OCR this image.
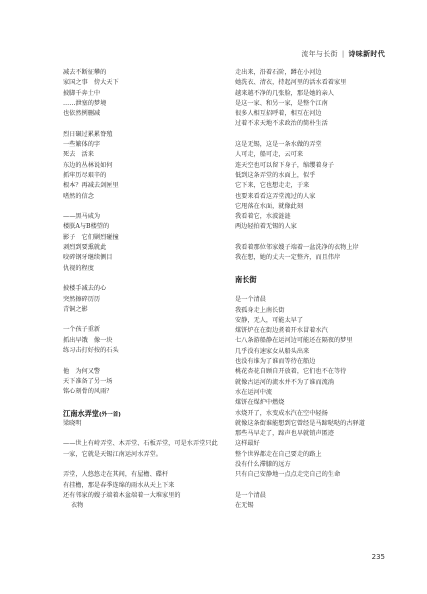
流年与长街 | 诗味新时代
减去不断征攀的
家国之事　傍大天下
披脚千奔土中
……泄塞的梦境
也依然例删减
烈日碾过累累脊殖
一些繁体的字
死去　活来
东边的丛林说如何
抓牢历尽艰辛的
根本？再减去剑匣里
嗜然的信念
——黑马咸为
楼朕A与B楼望的
影子　它们剿烈碰撞
剥烈到要熏就此
咬碎钢牙继续侧目
仇视的程度
披楼手减去的心
突然擦碎历历
青铜之影
一个孩子重新
抓出早饿　像一块
练习击打好按的石头
他　为何又警
天下准备了另一场
铭心刻骨的风雨？
江南水弄堂(外一首)
梁晓明
——世上有峙弄堂、木弄堂、石板弄堂，可是水弄堂只此一家，它就是天锡江南运河水弄堂。
弄堂，人悠悠走在其间，有屋檐、碟杆
有挂檐，那是春季连绵的雨水从天上下来
还有邻家的嫂子端着木盆端着一大堆家里的
衣物
走出来，沿着石阶，蹲在小河边
她洗衣、清衣，持起河里的活水看着家里
越来越不净的几张脸，那是她的亲人
是这一家、和另一家，是整个江南
很多人相互招呼着，相互在河边
过着不求天地不求政治的简朴生活
这是无锡，这是一条水做的弄堂
人可走，船可走，云可来
连天空也可以留下身子，缩缨着身子
低到这条弄堂的水面上，似乎
它下来，它也想走走，于来
也要来看看这弄堂流过的人家
它甩落在水面，就像此刻
我看着它，水波涟涟
两边轻拍着无锡的人家
我看着那位邻家嫂子端着一盆洗净的衣物上岸
我在想，她的丈夫一定整齐，而且伟岸
南长街
是一个清晨
我孤身走上南长街
安静，无人，可能太早了
煤饼炉在在街边煮着开水冒着水汽
七八条游船静在运河边可能还在隔夜的梦里
几乎没有速家女从船头出来
也没有谁为了谁而等待在船边
桃花杏花自顾自开放着，它们也不在等待
就像古运河的流水并不为了谁而流淌
水在运河中流
煤饼在煤炉中燃烧
水烧开了，水变成水汽在空中轻扬
就像这条街谁能想到它曾经是马蹄哒哒的古驿道
那些马早走了，蹄声也早就销声匿迹
这样最好
整个世界都走在自己要走的路上
没有什么滞膝的远方
只有自己安静地一点点走完自己的生命
是一个清晨
在无锡
235
